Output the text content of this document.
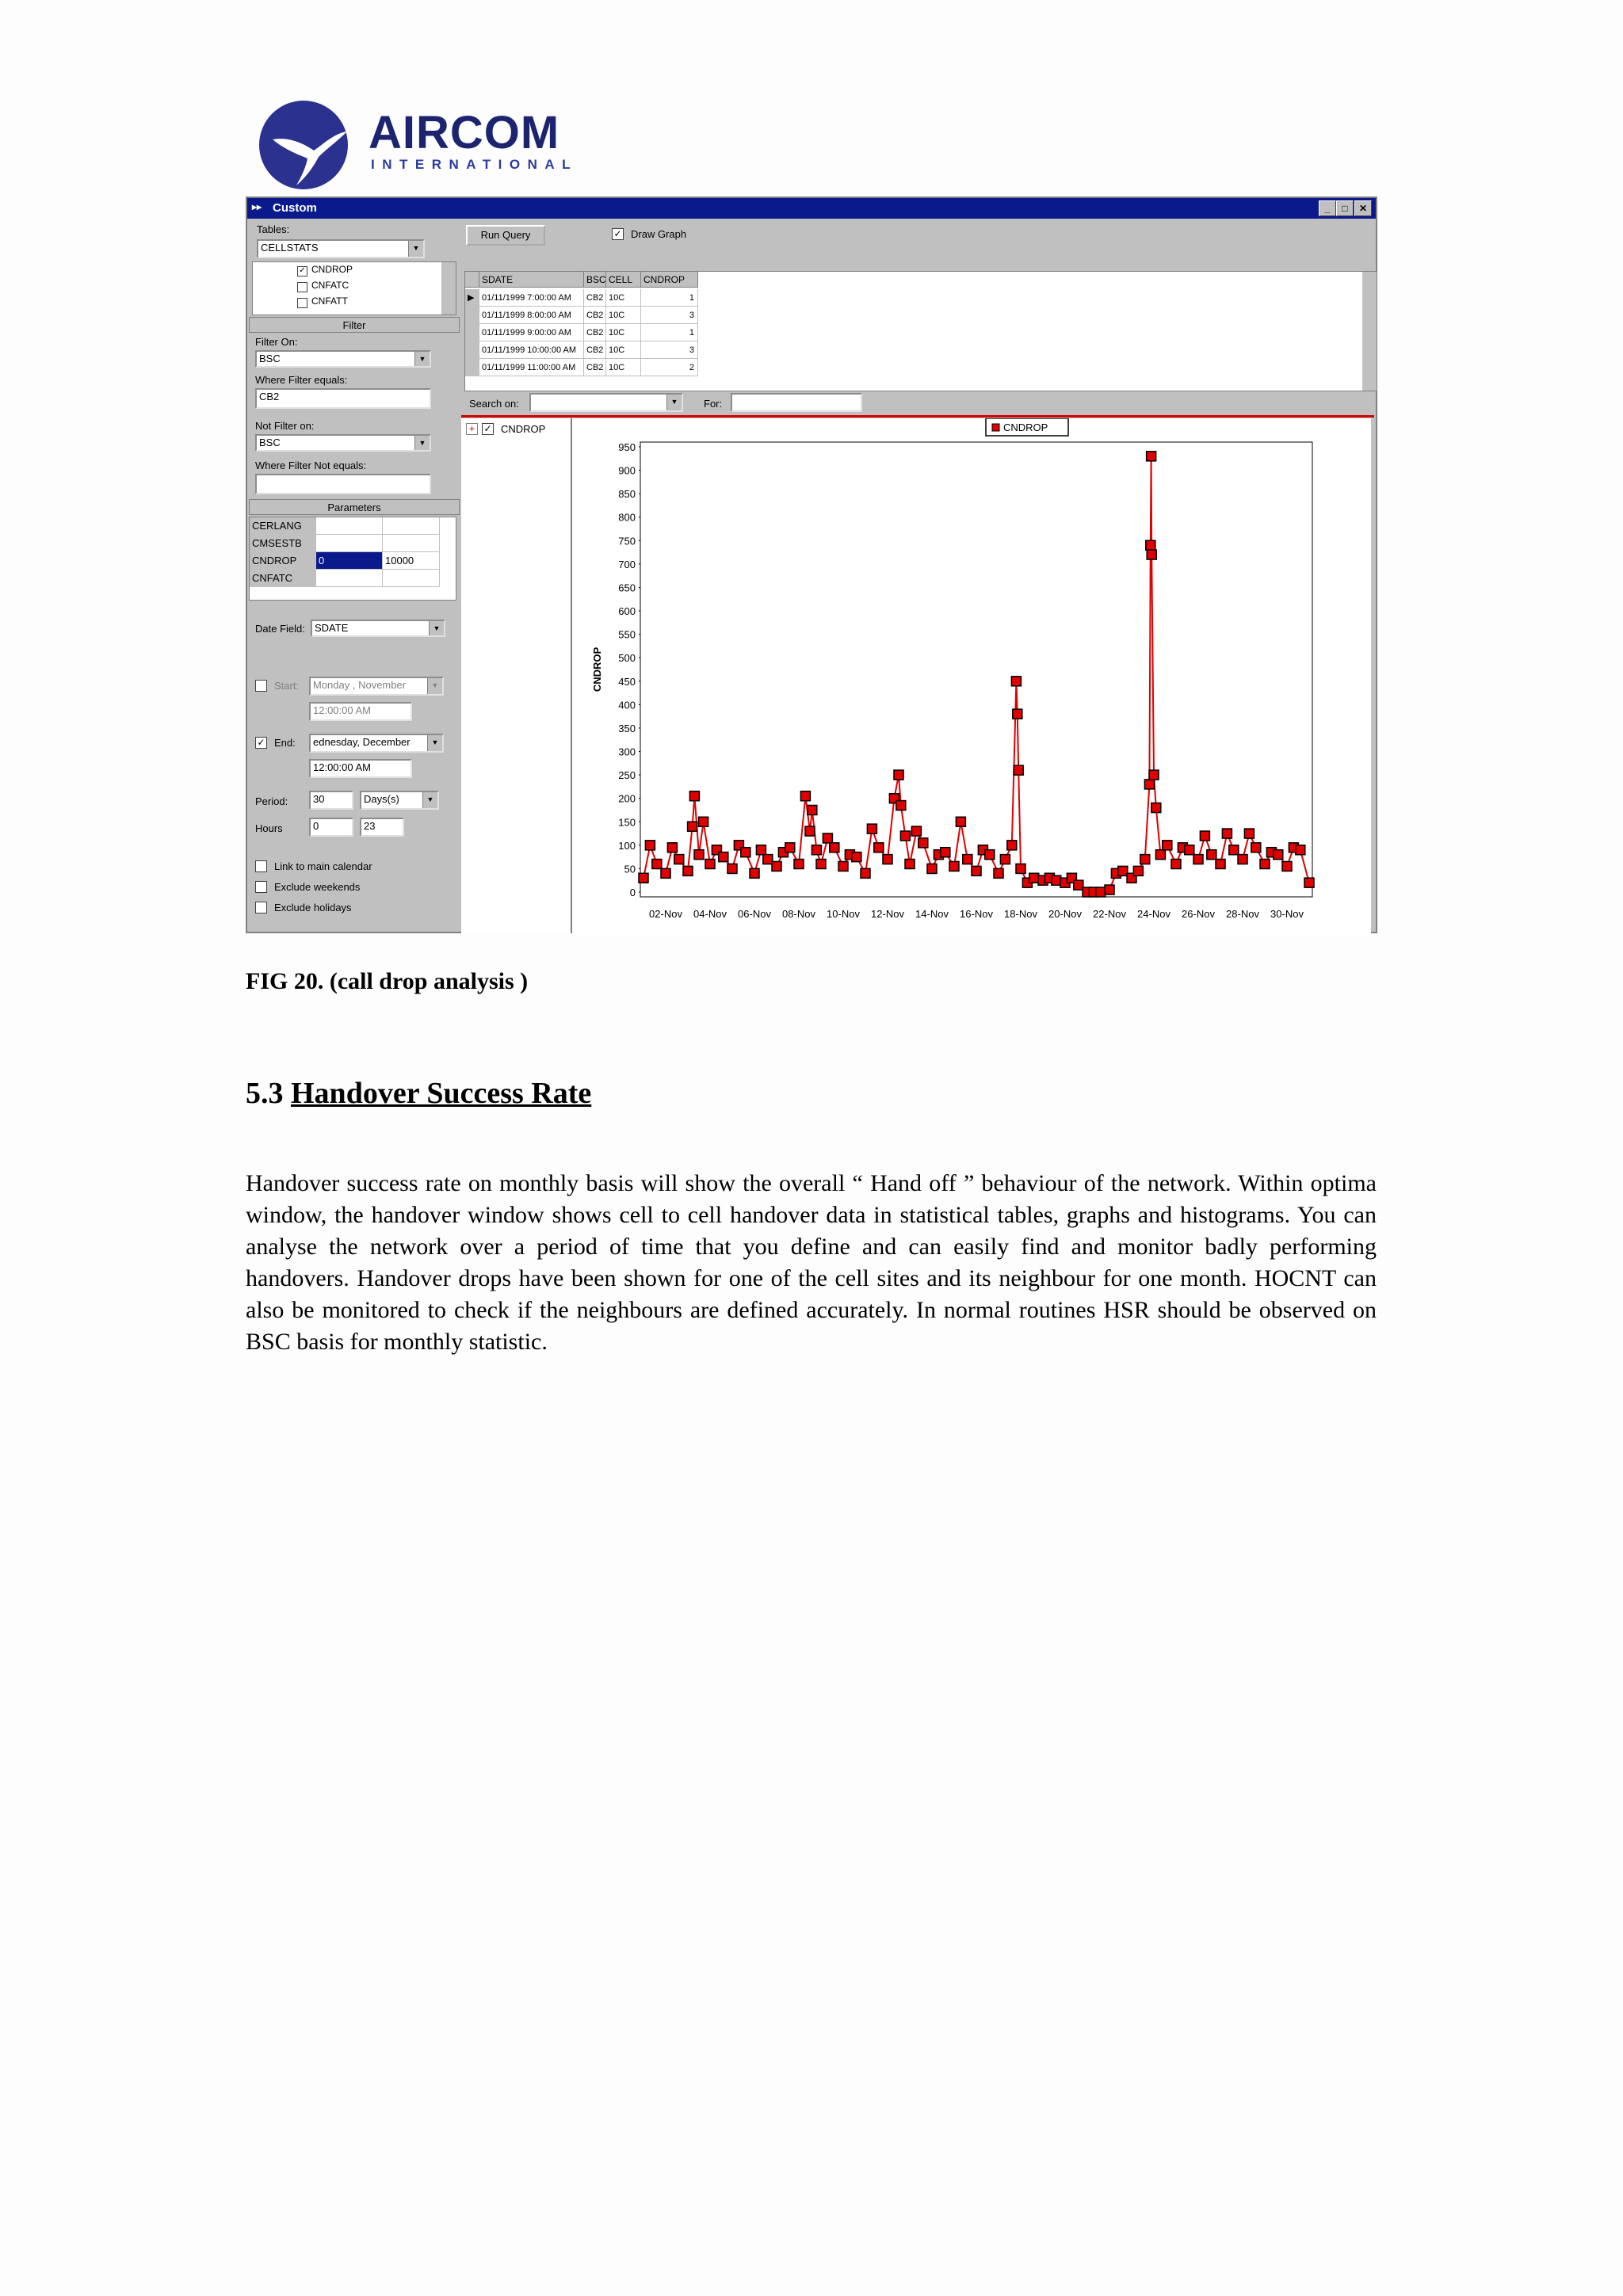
AIRCOM
INTERNATIONAL
▸▸ Custom	_	□	✕
Tables:
CELLSTATS	▼
✓ CNDROP
CNFATC
CNFATT
Filter
Filter On:
BSC	▼
Where Filter equals:
CB2
Not Filter on:
BSC	▼
Where Filter Not equals:
Parameters
CERLANG
CMSESTB
CNDROP	0	10000
CNFATC
Date Field: SDATE	▼
Start:	Monday , November	▼
12:00:00 AM
✓ End:	ednesday, December	▼
12:00:00 AM
Period:	30	Days(s)	▼
Hours	0	23
Link to main calendar
Exclude weekends
Exclude holidays
Run Query	✓ Draw Graph
SDATE	BSC CELL	CNDROP
▶ 01/11/1999 7:00:00 AM	CB2 10C	1
01/11/1999 8:00:00 AM	CB2 10C	3
01/11/1999 9:00:00 AM	CB2 10C	1
01/11/1999 10:00:00 AM	CB2 10C	3
01/11/1999 11:00:00 AM	CB2 10C	2
Search on:	▼	For:
+ ✓ CNDROP
0
50
100
150
200
250
300
350
400
450
500
550
600
650
700
750
800
850
900
950
02-Nov 04-Nov 06-Nov 08-Nov 10-Nov 12-Nov 14-Nov 16-Nov 18-Nov 20-Nov 22-Nov 24-Nov 26-Nov 28-Nov 30-Nov
CNDROP
CNDROP
FIG 20. (call drop analysis )
5.3 Handover Success Rate
Handover success rate on monthly basis will show the overall “ Hand off ” behaviour of the network. Within optima window, the handover window shows cell to cell handover data in statistical tables, graphs and histograms. You can analyse the network over a period of time that you define and can easily find and monitor badly performing handovers. Handover drops have been shown for one of the cell sites and its neighbour for one month. HOCNT can also be monitored to check if the neighbours are defined accurately. In normal routines HSR should be observed on BSC basis for monthly statistic.
